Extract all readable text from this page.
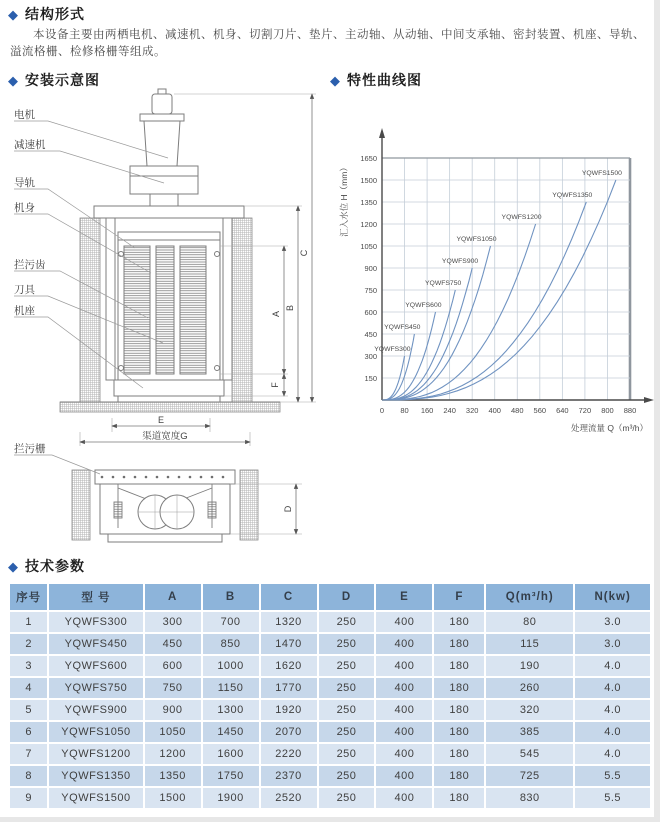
◆ 结构形式

本设备主要由两栖电机、减速机、机身、切割刀片、垫片、主动轴、从动轴、中间支承轴、密封装置、机座、导轨、溢流格栅、检修格栅等组成。

◆ 安装示意图	◆ 特性曲线图
电机
减速机
导轨
机身
拦污齿
刀具
机座	A
F
B
C
E
渠道宽度G
拦污栅
D
0 80 160 240 320 400 480 560 640 720 800 880
150
300
450
600
750
900
1050
1200
1350
1500
1650
YQWFS300
YQWFS450
YQWFS600
YQWFS750
YQWFS900
YQWFS1050
YQWFS1200
YQWFS1350
YQWFS1500
处理流量 Q（m³/h）
汇入水位 H（mm）
◆ 技术参数
序号	型 号	A	B	C	D	E	F	Q(m³/h)	N(kw)
1	YQWFS300	300	700	1320	250	400	180	80	3.0
2	YQWFS450	450	850	1470	250	400	180	115	3.0
3	YQWFS600	600	1000	1620	250	400	180	190	4.0
4	YQWFS750	750	1150	1770	250	400	180	260	4.0
5	YQWFS900	900	1300	1920	250	400	180	320	4.0
6	YQWFS1050	1050	1450	2070	250	400	180	385	4.0
7	YQWFS1200	1200	1600	2220	250	400	180	545	4.0
8	YQWFS1350	1350	1750	2370	250	400	180	725	5.5
9	YQWFS1500	1500	1900	2520	250	400	180	830	5.5
